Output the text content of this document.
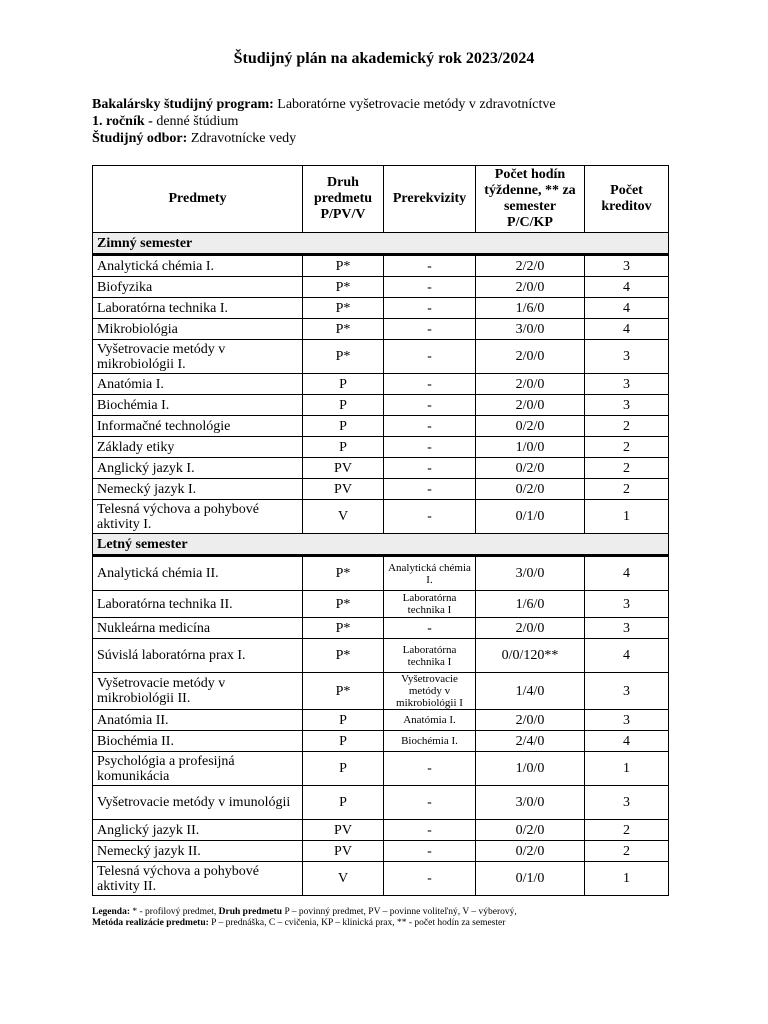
Študijný plán na akademický rok 2023/2024
Bakalársky študijný program: Laboratórne vyšetrovacie metódy v zdravotníctve
1. ročník - denné štúdium
Študijný odbor: Zdravotnícke vedy
Predmety	Druh predmetu P/PV/V	Prerekvizity	Počet hodín týždenne, ** za semester P/C/KP	Počet kreditov
Zimný semester				
Analytická chémia I.	P*	-	2/2/0	3
Biofyzika	P*	-	2/0/0	4
Laboratórna technika I.	P*	-	1/6/0	4
Mikrobiológia	P*	-	3/0/0	4
Vyšetrovacie metódy v mikrobiológii I.	P*	-	2/0/0	3
Anatómia I.	P	-	2/0/0	3
Biochémia I.	P	-	2/0/0	3
Informačné technológie	P	-	0/2/0	2
Základy etiky	P	-	1/0/0	2
Anglický jazyk I.	PV	-	0/2/0	2
Nemecký jazyk I.	PV	-	0/2/0	2
Telesná výchova a pohybové aktivity I.	V	-	0/1/0	1
Letný semester				
Analytická chémia II.	P*	Analytická chémia I.	3/0/0	4
Laboratórna technika II.	P*	Laboratórna technika I	1/6/0	3
Nukleárna medicína	P*	-	2/0/0	3
Súvislá laboratórna prax I.	P*	Laboratórna technika I	0/0/120**	4
Vyšetrovacie metódy v mikrobiológii II.	P*	Vyšetrovacie metódy v mikrobiológii I	1/4/0	3
Anatómia II.	P	Anatómia I.	2/0/0	3
Biochémia II.	P	Biochémia I.	2/4/0	4
Psychológia a profesijná komunikácia	P	-	1/0/0	1
Vyšetrovacie metódy v imunológii	P	-	3/0/0	3
Anglický jazyk II.	PV	-	0/2/0	2
Nemecký jazyk II.	PV	-	0/2/0	2
Telesná výchova a pohybové aktivity II.	V	-	0/1/0	1
Legenda: * - profilový predmet, Druh predmetu P – povinný predmet, PV – povinne voliteľný, V – výberový,
Metóda realizácie predmetu: P – prednáška, C – cvičenia, KP – klinická prax, ** - počet hodín za semester
